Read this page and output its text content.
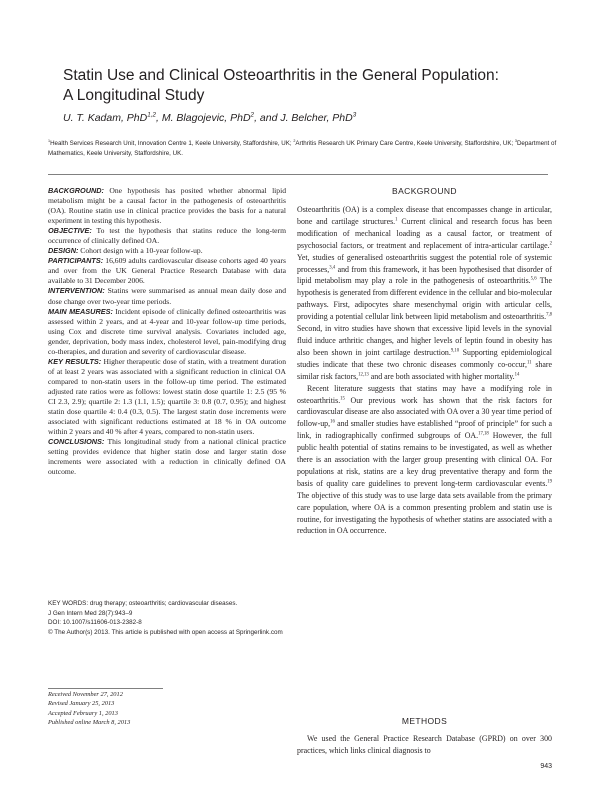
Statin Use and Clinical Osteoarthritis in the General Population:
A Longitudinal Study
U. T. Kadam, PhD$^{1,2}$, M. Blagojevic, PhD$^2$, and J. Belcher, PhD$^3$
$^1$Health Services Research Unit, Innovation Centre 1, Keele University, Staffordshire, UK; $^2$Arthritis Research UK Primary Care Centre, Keele University, Staffordshire, UK; $^3$Department of Mathematics, Keele University, Staffordshire, UK.

BACKGROUND: One hypothesis has posited whether abnormal lipid metabolism might be a causal factor in the pathogenesis of osteoarthritis (OA). Routine statin use in clinical practice provides the basis for a natural experiment in testing this hypothesis.

OBJECTIVE: To test the hypothesis that statins reduce the long-term occurrence of clinically defined OA.

DESIGN: Cohort design with a 10-year follow-up.

PARTICIPANTS: 16,609 adults cardiovascular disease cohorts aged 40 years and over from the UK General Practice Research Database with data available to 31 December 2006.

INTERVENTION: Statins were summarised as annual mean daily dose and dose change over two-year time periods.

MAIN MEASURES: Incident episode of clinically defined osteoarthritis was assessed within 2 years, and at 4-year and 10-year follow-up time periods, using Cox and discrete time survival analysis. Covariates included age, gender, deprivation, body mass index, cholesterol level, pain-modifying drug co-therapies, and duration and severity of cardiovascular disease.

KEY RESULTS: Higher therapeutic dose of statin, with a treatment duration of at least 2 years was associated with a significant reduction in clinical OA compared to non-statin users in the follow-up time period. The estimated adjusted rate ratios were as follows: lowest statin dose quartile 1: 2.5 (95 % CI 2.3, 2.9); quartile 2: 1.3 (1.1, 1.5); quartile 3: 0.8 (0.7, 0.95); and highest statin dose quartile 4: 0.4 (0.3, 0.5). The largest statin dose increments were associated with significant reductions estimated at 18 % in OA outcome within 2 years and 40 % after 4 years, compared to non-statin users.

CONCLUSIONS: This longitudinal study from a national clinical practice setting provides evidence that higher statin dose and larger statin dose increments were associated with a reduction in clinically defined OA outcome.

KEY WORDS: drug therapy; osteoarthritis; cardiovascular diseases.
J Gen Intern Med 28(7):943–9
DOI: 10.1007/s11606-013-2382-8
© The Author(s) 2013. This article is published with open access at Springerlink.com
Received November 27, 2012
Revised January 25, 2013
Accepted February 1, 2013
Published online March 8, 2013
BACKGROUND

Osteoarthritis (OA) is a complex disease that encompasses change in articular, bone and cartilage structures.$^1$ Current clinical and research focus has been modification of mechanical loading as a causal factor, or treatment of psychosocial factors, or treatment and replacement of intra-articular cartilage.$^2$ Yet, studies of generalised osteoarthritis suggest the potential role of systemic processes,$^{3,4}$ and from this framework, it has been hypothesised that disorder of lipid metabolism may play a role in the pathogenesis of osteoarthritis.$^{5,6}$ The hypothesis is generated from different evidence in the cellular and bio-molecular pathways. First, adipocytes share mesenchymal origin with articular cells, providing a potential cellular link between lipid metabolism and osteoarthritis.$^{7,8}$ Second, in vitro studies have shown that excessive lipid levels in the synovial fluid induce arthritic changes, and higher levels of leptin found in obesity has also been shown in joint cartilage destruction.$^{9,10}$ Supporting epidemiological studies indicate that these two chronic diseases commonly co-occur,$^{11}$ share similar risk factors,$^{12,13}$ and are both associated with higher mortality.$^{14}$

Recent literature suggests that statins may have a modifying role in osteoarthritis.$^{15}$ Our previous work has shown that the risk factors for cardiovascular disease are also associated with OA over a 30 year time period of follow-up,$^{16}$ and smaller studies have established “proof of principle” for such a link, in radiographically confirmed subgroups of OA.$^{17,18}$ However, the full public health potential of statins remains to be investigated, as well as whether there is an association with the larger group presenting with clinical OA. For populations at risk, statins are a key drug preventative therapy and form the basis of quality care guidelines to prevent long-term cardiovascular events.$^{19}$ The objective of this study was to use large data sets available from the primary care population, where OA is a common presenting problem and statin use is routine, for investigating the hypothesis of whether statins are associated with a reduction in OA occurrence.

METHODS
We used the General Practice Research Database (GPRD) on over 300 practices, which links clinical diagnosis to
943
